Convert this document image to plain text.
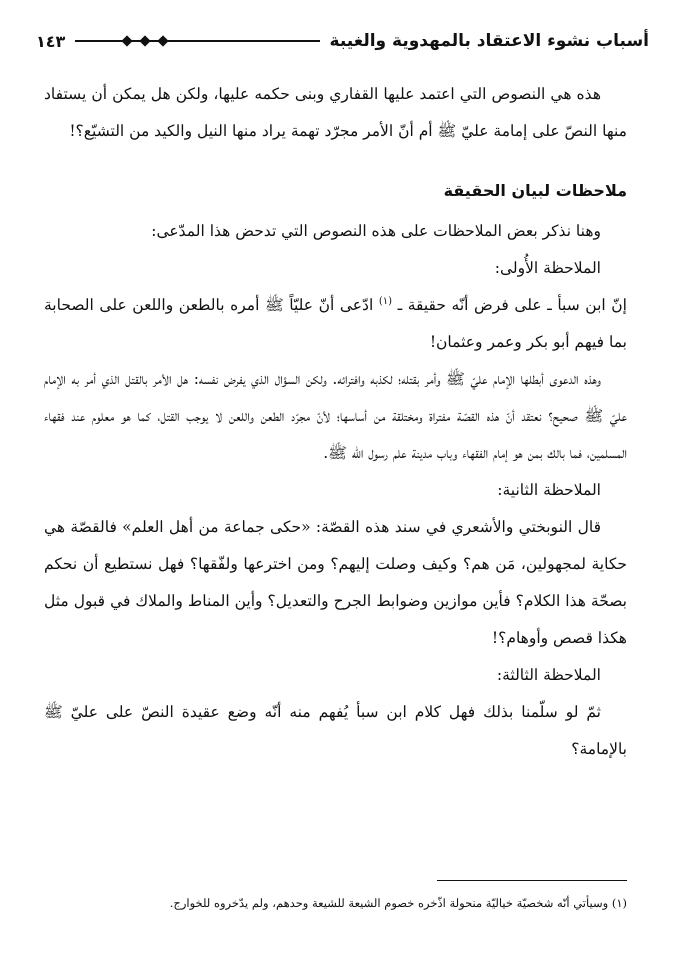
أسباب نشوء الاعتقاد بالمهدوية والغيبة
١٤٣

هذه هي النصوص التي اعتمد عليها القفاري وبنى حكمه عليها، ولكن هل يمكن أن يستفاد منها النصّ على إمامة عليّ ﷺ أم أنّ الأمر مجرّد تهمة يراد منها النيل والكيد من التشيّع؟!

ملاحظات لبيان الحقيقة

وهنا نذكر بعض الملاحظات على هذه النصوص التي تدحض هذا المدّعى:

الملاحظة الأُولى:

إنّ ابن سبأ ـ على فرض أنّه حقيقة ـ $^{(١)}$ ادّعى أنّ عليّاً ﷺ أمره بالطعن واللعن على الصحابة بما فيهم أبو بكر وعمر وعثمان!

وهذه الدعوى أبطلها الإمام عليّ ﷺ وأمر بقتله؛ لكذبه وافترائه. ولكن السؤال الذي يفرض نفسه: هل الأمر بالقتل الذي أمر به الإمام عليّ ﷺ صحيح؟ نعتقد أنّ هذه القصّة مفتراة ومختلقة من أساسها؛ لأنّ مجرّد الطعن واللعن لا يوجب القتل، كما هو معلوم عند فقهاء المسلمين، فما بالك بمن هو إمام الفقهاء وباب مدينة علم رسول الله ﷺ.

الملاحظة الثانية:

قال النوبختي والأشعري في سند هذه القصّة: «حكى جماعة من أهل العلم» فالقصّة هي حكاية لمجهولين، مَن هم؟ وكيف وصلت إليهم؟ ومن اخترعها ولفّقها؟ فهل نستطيع أن نحكم بصحّة هذا الكلام؟ فأين موازين وضوابط الجرح والتعديل؟ وأين المناط والملاك في قبول مثل هكذا قصص وأوهام؟!

الملاحظة الثالثة:

ثمّ لو سلّمنا بذلك فهل كلام ابن سبأ يُفهم منه أنّه وضع عقيدة النصّ على عليّ ﷺ بالإمامة؟

(١) وسيأتي أنّه شخصيّة خياليّة منحولة اذّخره خصوم الشيعة للشيعة وحدهم، ولم يدّخروه للخوارج.
